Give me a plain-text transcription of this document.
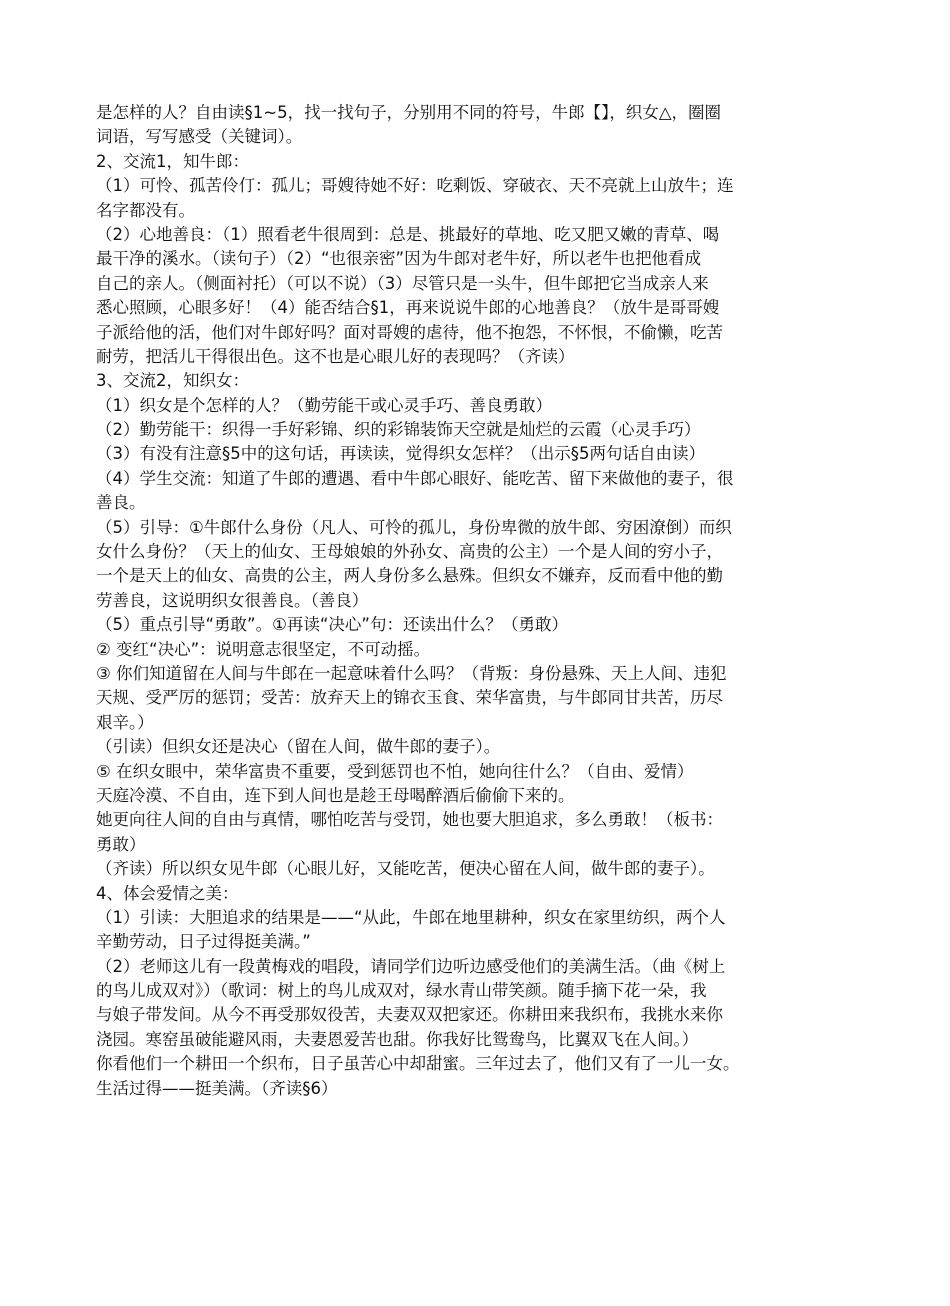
是怎样的人？自由读§1~5，找一找句子，分别用不同的符号，牛郎【】，织女△，圈圈
词语，写写感受（关键词）。
2、交流1，知牛郎：
（1）可怜、孤苦伶仃：孤儿；哥嫂待她不好：吃剩饭、穿破衣、天不亮就上山放牛；连
名字都没有。
（2）心地善良：（1）照看老牛很周到：总是、挑最好的草地、吃又肥又嫩的青草、喝
最干净的溪水。（读句子）（2）“也很亲密”因为牛郎对老牛好，所以老牛也把他看成
自己的亲人。（侧面衬托）（可以不说）（3）尽管只是一头牛，但牛郎把它当成亲人来
悉心照顾，心眼多好！（4）能否结合§1，再来说说牛郎的心地善良？（放牛是哥哥嫂
子派给他的活，他们对牛郎好吗？面对哥嫂的虐待，他不抱怨，不怀恨，不偷懒，吃苦
耐劳，把活儿干得很出色。这不也是心眼儿好的表现吗？（齐读）
3、交流2，知织女：
（1）织女是个怎样的人？（勤劳能干或心灵手巧、善良勇敢）
（2）勤劳能干：织得一手好彩锦、织的彩锦装饰天空就是灿烂的云霞（心灵手巧）
（3）有没有注意§5中的这句话，再读读，觉得织女怎样？（出示§5两句话自由读）
（4）学生交流：知道了牛郎的遭遇、看中牛郎心眼好、能吃苦、留下来做他的妻子，很
善良。
（5）引导：①牛郎什么身份（凡人、可怜的孤儿，身份卑微的放牛郎、穷困潦倒）而织
女什么身份？（天上的仙女、王母娘娘的外孙女、高贵的公主）一个是人间的穷小子，
一个是天上的仙女、高贵的公主，两人身份多么悬殊。但织女不嫌弃，反而看中他的勤
劳善良，这说明织女很善良。（善良）
（5）重点引导“勇敢”。①再读“决心”句：还读出什么？（勇敢）
② 变红“决心”：说明意志很坚定，不可动摇。
③ 你们知道留在人间与牛郎在一起意味着什么吗？（背叛：身份悬殊、天上人间、违犯
天规、受严厉的惩罚；受苦：放弃天上的锦衣玉食、荣华富贵，与牛郎同甘共苦，历尽
艰辛。）
（引读）但织女还是决心（留在人间，做牛郎的妻子）。
⑤ 在织女眼中，荣华富贵不重要，受到惩罚也不怕，她向往什么？（自由、爱情）
天庭冷漠、不自由，连下到人间也是趁王母喝醉酒后偷偷下来的。
她更向往人间的自由与真情，哪怕吃苦与受罚，她也要大胆追求，多么勇敢！（板书：
勇敢）
（齐读）所以织女见牛郎（心眼儿好，又能吃苦，便决心留在人间，做牛郎的妻子）。
4、体会爱情之美：
（1）引读：大胆追求的结果是——“从此，牛郎在地里耕种，织女在家里纺织，两个人
辛勤劳动，日子过得挺美满。”
（2）老师这儿有一段黄梅戏的唱段，请同学们边听边感受他们的美满生活。（曲《树上
的鸟儿成双对》）（歌词：树上的鸟儿成双对，绿水青山带笑颜。随手摘下花一朵，我
与娘子带发间。从今不再受那奴役苦，夫妻双双把家还。你耕田来我织布，我挑水来你
浇园。寒窑虽破能避风雨，夫妻恩爱苦也甜。你我好比鸳鸯鸟，比翼双飞在人间。）
你看他们一个耕田一个织布，日子虽苦心中却甜蜜。三年过去了，他们又有了一儿一女。
生活过得——挺美满。（齐读§6）
